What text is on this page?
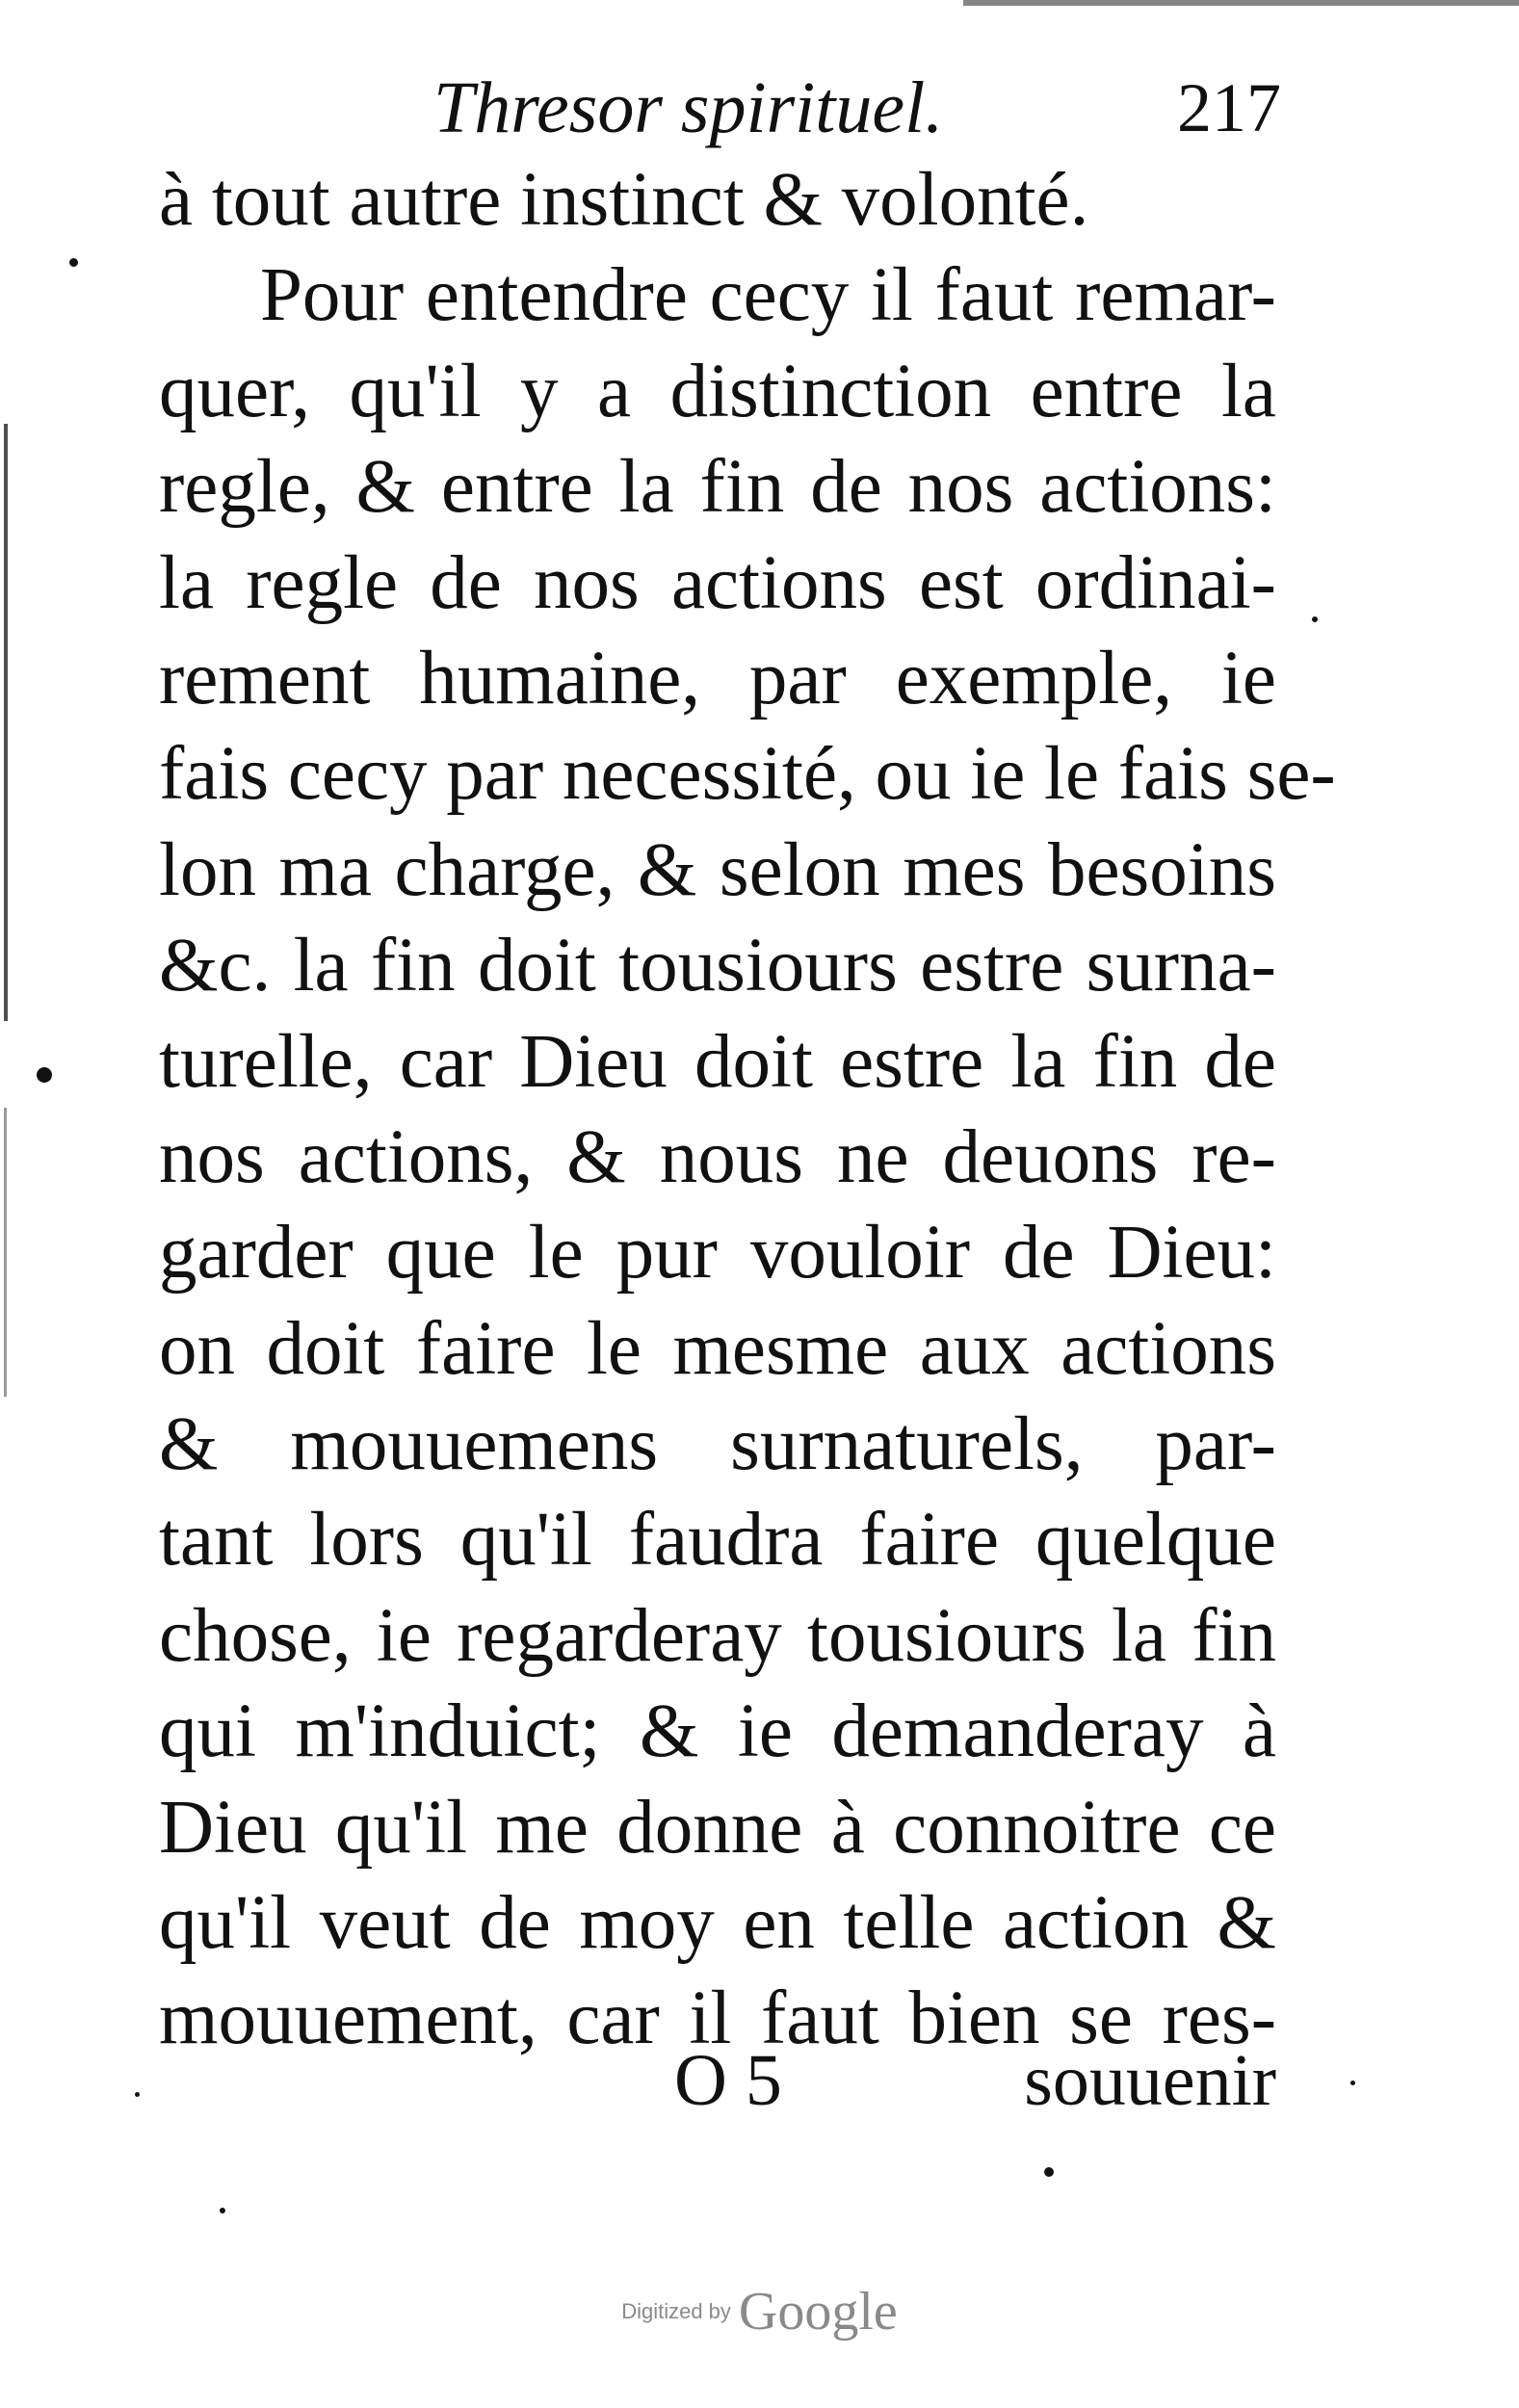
Thresor spirituel.	217
à tout autre instinct & volonté.
Pour entendre cecy il faut remar-
quer, qu'il y a distinction entre la
regle, & entre la fin de nos actions:
la regle de nos actions est ordinai-
rement humaine, par exemple, ie
fais cecy par necessité, ou ie le fais se-
lon ma charge, & selon mes besoins
&c. la fin doit tousiours estre surna-
turelle, car Dieu doit estre la fin de
nos actions, & nous ne deuons re-
garder que le pur vouloir de Dieu:
on doit faire le mesme aux actions
& mouuemens surnaturels, par-
tant lors qu'il faudra faire quelque
chose, ie regarderay tousiours la fin
qui m'induict; & ie demanderay à
Dieu qu'il me donne à connoitre ce
qu'il veut de moy en telle action &
mouuement, car il faut bien se res-
O 5	souuenir
Digitized by Google
